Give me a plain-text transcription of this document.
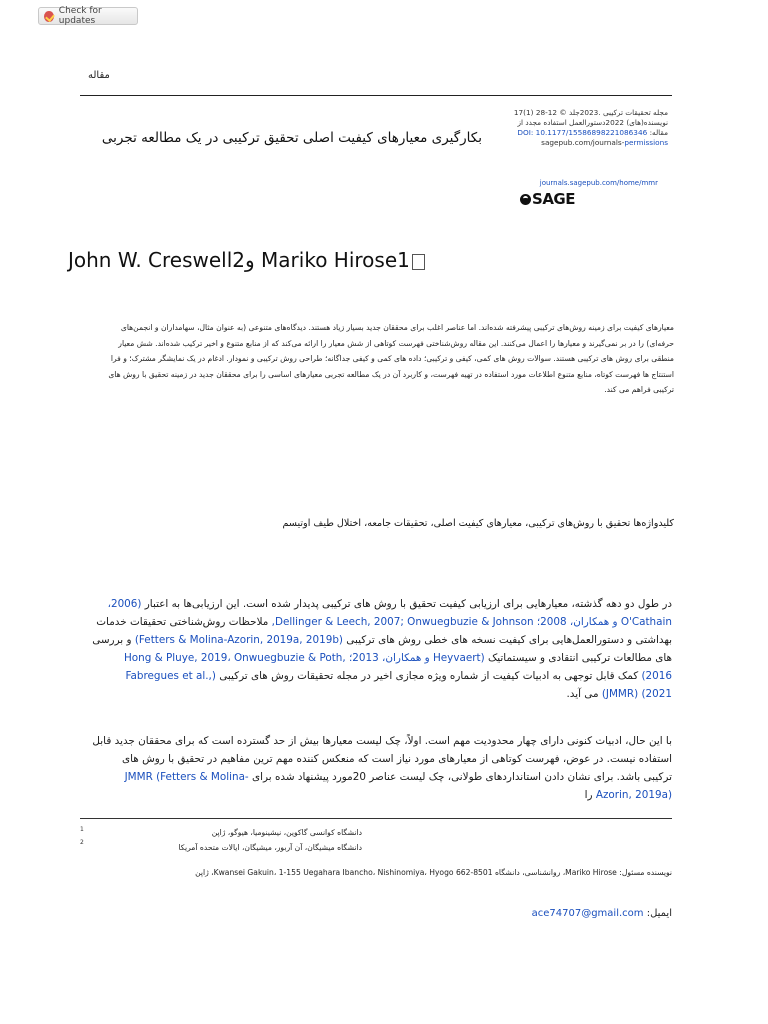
Check for updates
مقاله
مجله تحقیقات ترکیبی .2023جلد © 12-28 (1)17
نویسنده(های) 2022دستورالعمل استفاده مجدد از
مقاله: DOI: 10.1177/15586898221086346
sagepub.com/journals-permissions
بکارگیری معیارهای کیفیت اصلی تحقیق ترکیبی در یک مطالعه تجربی
journals.sagepub.com/home/mmr
SAGE
John W. Creswell2و Mariko Hirose1
معیارهای کیفیت برای زمینه روش‌های ترکیبی پیشرفته شده‌اند. اما عناصر اغلب برای محققان جدید بسیار زیاد هستند. دیدگاه‌های متنوعی (به عنوان مثال، سهامداران و انجمن‌های حرفه‌ای) را در بر نمی‌گیرند و معیارها را اعمال می‌کنند. این مقاله روش‌شناختی فهرست کوتاهی از شش معیار را ارائه می‌کند که از منابع متنوع و اخیر ترکیب شده‌اند. شش معیار منطقی برای روش های ترکیبی هستند. سوالات روش های کمی، کیفی و ترکیبی؛ داده های کمی و کیفی جداگانه؛ طراحی روش ترکیبی و نمودار. ادغام در یک نمایشگر مشترک؛ و فرا استنتاج ها فهرست کوتاه، منابع متنوع اطلاعات مورد استفاده در تهیه فهرست، و کاربرد آن در یک مطالعه تجربی معیارهای اساسی را برای محققان جدید در زمینه تحقیق با روش های ترکیبی فراهم می کند.
کلیدواژه‌ها تحقیق با روش‌های ترکیبی، معیارهای کیفیت اصلی، تحقیقات جامعه، اختلال طیف اوتیسم
در طول دو دهه گذشته، معیارهایی برای ارزیابی کیفیت تحقیق با روش های ترکیبی پدیدار شده است. این ارزیابی‌ها به اعتبار (2006، O'Cathain و همکاران، 2008؛ Dellinger & Leech, 2007; Onwuegbuzie & Johnson, ملاحظات روش‌شناختی تحقیقات خدمات بهداشتی و دستورالعمل‌هایی برای کیفیت نسخه های خطی روش های ترکیبی (Fetters & Molina-Azorin, 2019a, 2019b) و بررسی های مطالعات ترکیبی انتقادی و سیستماتیک (Heyvaert و همکاران، 2013؛ Hong & Pluye, 2019، Onwuegbuzie & Poth, 2016) کمک قابل توجهی به ادبیات کیفیت از شماره ویژه مجازی اخیر در مجله تحقیقات روش های ترکیبی (Fabregues et al., 2021) (JMMR) می آید.
با این حال، ادبیات کنونی دارای چهار محدودیت مهم است. اولاً، چک لیست معیارها بیش از حد گسترده است که برای محققان جدید قابل استفاده نیست. در عوض، فهرست کوتاهی از معیارهای مورد نیاز است که منعکس کننده مهم ترین مفاهیم در تحقیق با روش های ترکیبی باشد. برای نشان دادن استانداردهای طولانی، چک لیست عناصر 20مورد پیشنهاد شده برای JMMR (Fetters & Molina-Azorin, 2019a) را
دانشگاه کوانسی گاکوین، نیشینومیا، هیوگو، ژاپن
1
دانشگاه میشیگان، آن آربور، میشیگان، ایالات متحده آمریکا
2
نویسنده مسئول: Mariko Hirose، روانشناسی، دانشگاه Kwansei Gakuin، 1-155 Uegahara Ibancho، Nishinomiya، Hyogo 662-8501، ژاپن
ایمیل: ace74707@gmail.com
